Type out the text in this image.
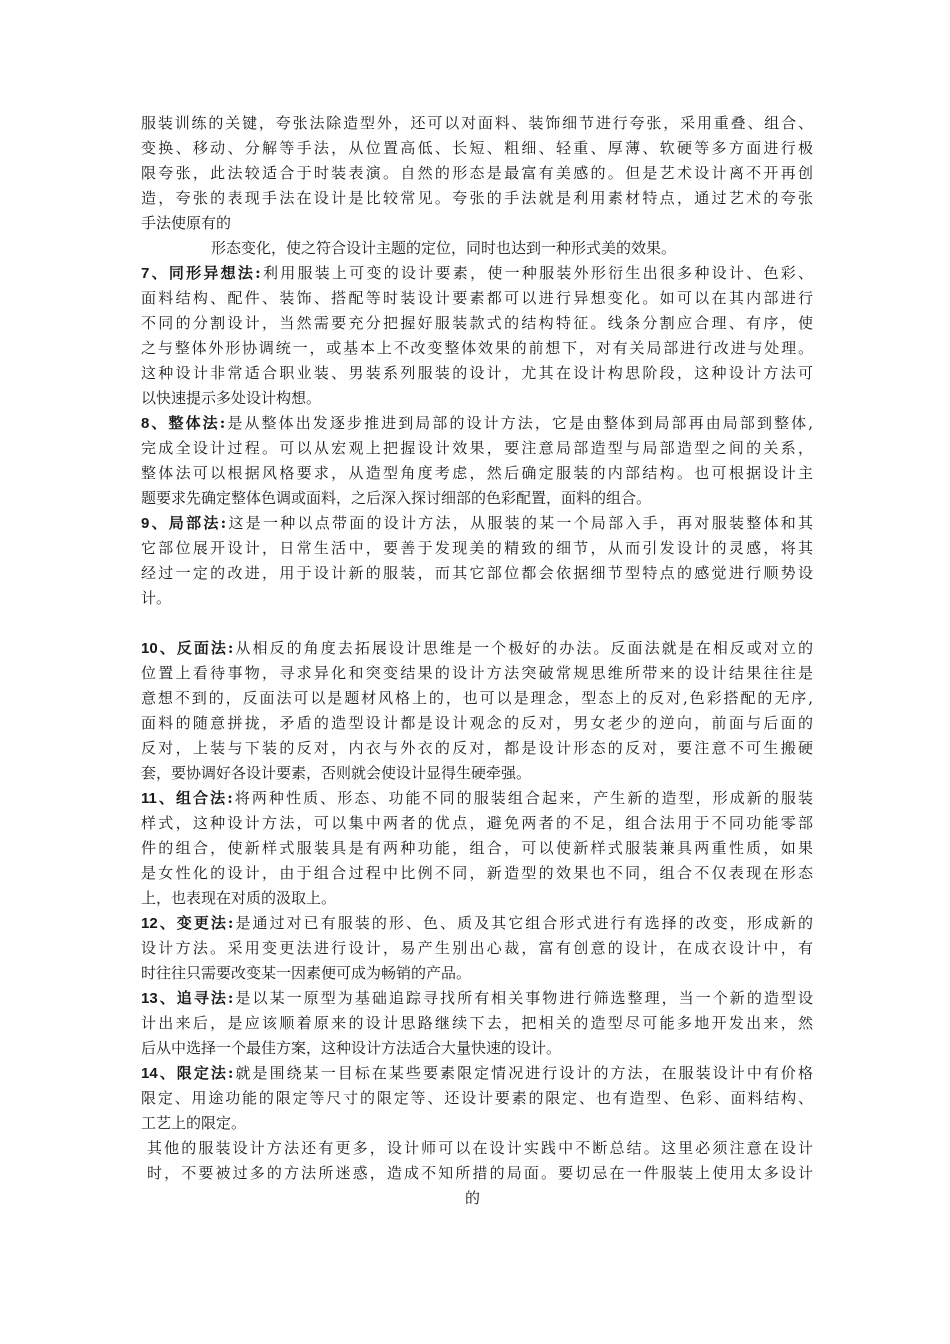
服装训练的关键，夸张法除造型外，还可以对面料、装饰细节进行夸张，采用重叠、组合、
变换、移动、分解等手法，从位置高低、长短、粗细、轻重、厚薄、软硬等多方面进行极
限夸张，此法较适合于时装表演。自然的形态是最富有美感的。但是艺术设计离不开再创
造，夸张的表现手法在设计是比较常见。夸张的手法就是利用素材特点，通过艺术的夸张
手法使原有的
形态变化，使之符合设计主题的定位，同时也达到一种形式美的效果。
7、同形异想法:利用服装上可变的设计要素，使一种服装外形衍生出很多种设计、色彩、
面料结构、配件、装饰、搭配等时装设计要素都可以进行异想变化。如可以在其内部进行
不同的分割设计，当然需要充分把握好服装款式的结构特征。线条分割应合理、有序，使
之与整体外形协调统一，或基本上不改变整体效果的前想下，对有关局部进行改进与处理。
这种设计非常适合职业装、男装系列服装的设计，尤其在设计构思阶段，这种设计方法可
以快速提示多处设计构想。
8、整体法:是从整体出发逐步推进到局部的设计方法，它是由整体到局部再由局部到整体,
完成全设计过程。可以从宏观上把握设计效果，要注意局部造型与局部造型之间的关系，
整体法可以根据风格要求，从造型角度考虑，然后确定服装的内部结构。也可根据设计主
题要求先确定整体色调或面料，之后深入探讨细部的色彩配置，面料的组合。
9、局部法:这是一种以点带面的设计方法，从服装的某一个局部入手，再对服装整体和其
它部位展开设计，日常生活中，要善于发现美的精致的细节，从而引发设计的灵感，将其
经过一定的改进，用于设计新的服装，而其它部位都会依据细节型特点的感觉进行顺势设
计。
10、反面法:从相反的角度去拓展设计思维是一个极好的办法。反面法就是在相反或对立的
位置上看待事物，寻求异化和突变结果的设计方法突破常规思维所带来的设计结果往往是
意想不到的，反面法可以是题材风格上的，也可以是理念，型态上的反对,色彩搭配的无序,
面料的随意拼拢，矛盾的造型设计都是设计观念的反对，男女老少的逆向，前面与后面的
反对，上装与下装的反对，内衣与外衣的反对，都是设计形态的反对，要注意不可生搬硬
套，要协调好各设计要素，否则就会使设计显得生硬牵强。
11、组合法:将两种性质、形态、功能不同的服装组合起来，产生新的造型，形成新的服装
样式，这种设计方法，可以集中两者的优点，避免两者的不足，组合法用于不同功能零部
件的组合，使新样式服装具是有两种功能，组合，可以使新样式服装兼具两重性质，如果
是女性化的设计，由于组合过程中比例不同，新造型的效果也不同，组合不仅表现在形态
上，也表现在对质的汲取上。
12、变更法:是通过对已有服装的形、色、质及其它组合形式进行有选择的改变，形成新的
设计方法。采用变更法进行设计，易产生别出心裁，富有创意的设计，在成衣设计中，有
时往往只需要改变某一因素便可成为畅销的产品。
13、追寻法:是以某一原型为基础追踪寻找所有相关事物进行筛选整理，当一个新的造型设
计出来后，是应该顺着原来的设计思路继续下去，把相关的造型尽可能多地开发出来，然
后从中选择一个最佳方案，这种设计方法适合大量快速的设计。
14、限定法:就是围绕某一目标在某些要素限定情况进行设计的方法，在服装设计中有价格
限定、用途功能的限定等尺寸的限定等、还设计要素的限定、也有造型、色彩、面料结构、
工艺上的限定。
其他的服装设计方法还有更多，设计师可以在设计实践中不断总结。这里必须注意在设计
时，不要被过多的方法所迷惑，造成不知所措的局面。要切忌在一件服装上使用太多设计
的
